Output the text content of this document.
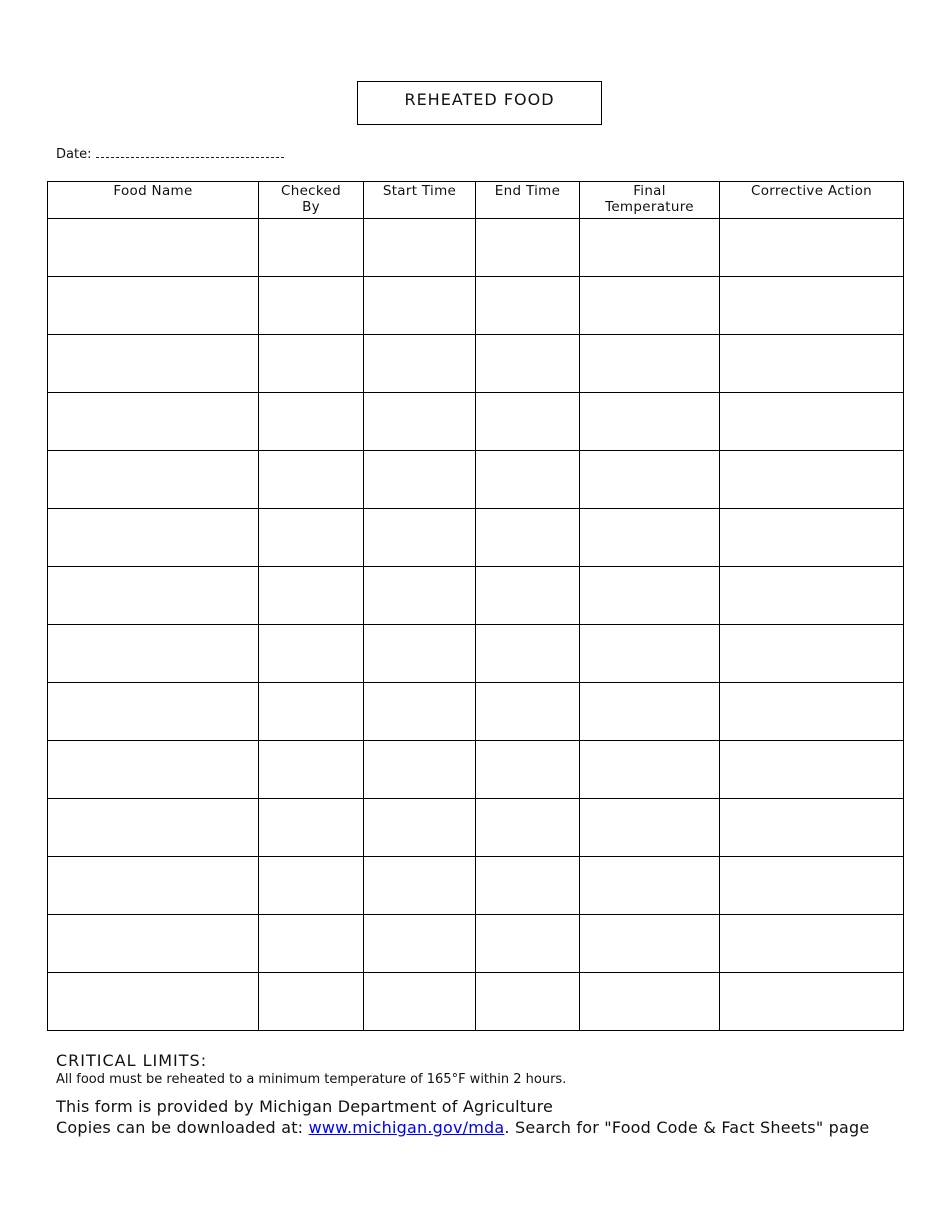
REHEATED FOOD
Date:
Food Name	Checked By	Start Time	End Time	Final Temperature	Corrective Action

CRITICAL LIMITS:
All food must be reheated to a minimum temperature of 165°F within 2 hours.
This form is provided by Michigan Department of Agriculture
Copies can be downloaded at: www.michigan.gov/mda. Search for "Food Code & Fact Sheets" page
